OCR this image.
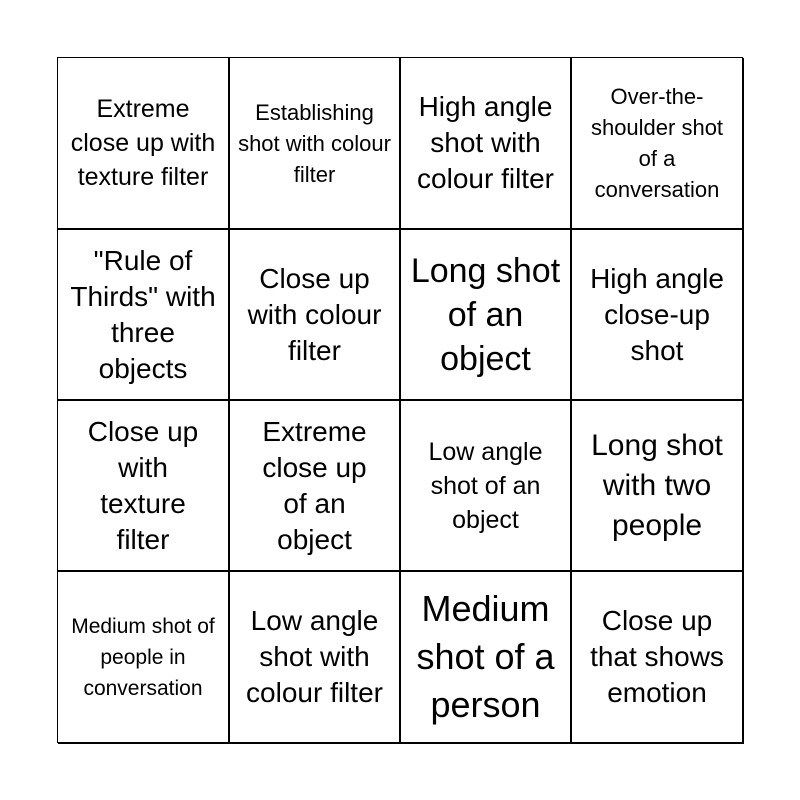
Extreme close up with texture filter
Establishing shot with colour filter
High angle shot with colour filter
Over-the-shoulder shot of a conversation
"Rule of Thirds" with three objects
Close up with colour filter
Long shot of an object
High angle close-up shot
Close up with texture filter
Extreme close up of an object
Low angle shot of an object
Long shot with two people
Medium shot of people in conversation
Low angle shot with colour filter
Medium shot of a person
Close up that shows emotion
